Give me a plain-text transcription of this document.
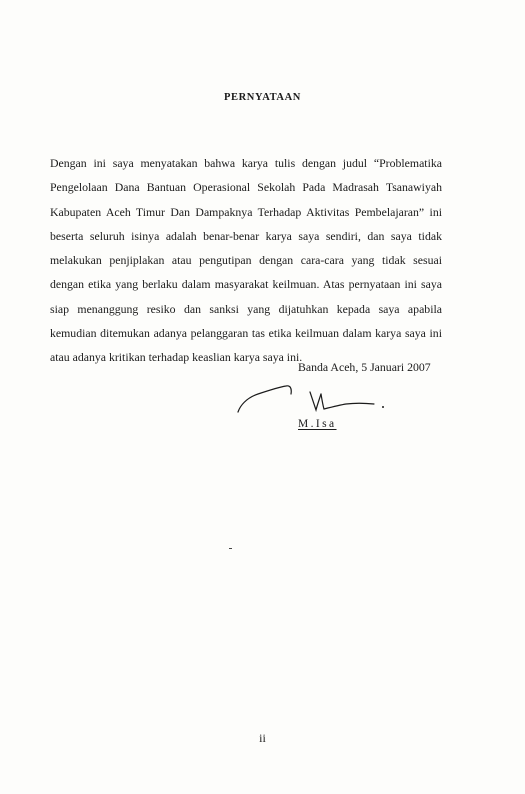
PERNYATAAN

Dengan ini saya menyatakan bahwa karya tulis dengan judul “Problematika Pengelolaan Dana Bantuan Operasional Sekolah Pada Madrasah Tsanawiyah Kabupaten Aceh Timur Dan Dampaknya Terhadap Aktivitas Pembelajaran” ini beserta seluruh isinya adalah benar-benar karya saya sendiri, dan saya tidak melakukan penjiplakan atau pengutipan dengan cara-cara yang tidak sesuai dengan etika yang berlaku dalam masyarakat keilmuan. Atas pernyataan ini saya siap menanggung resiko dan sanksi yang dijatuhkan kepada saya apabila kemudian ditemukan adanya pelanggaran tas etika keilmuan dalam karya saya ini atau adanya kritikan terhadap keaslian karya saya ini.

Banda Aceh, 5 Januari 2007
M.Isa
ii
